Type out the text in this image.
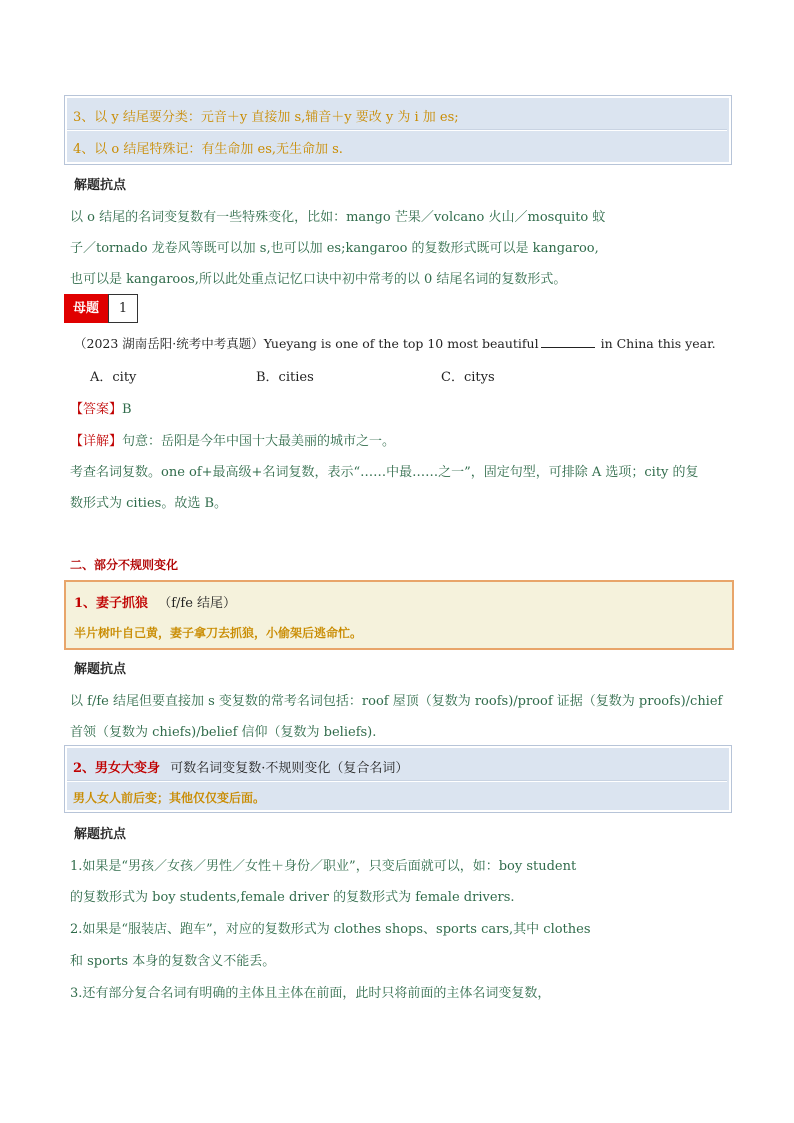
3、以 y 结尾要分类：元音＋y 直接加 s,辅音＋y 要改 y 为 i 加 es;
4、以 o 结尾特殊记：有生命加 es,无生命加 s.
解题抗点
以 o 结尾的名词变复数有一些特殊变化，比如：mango 芒果／volcano 火山／mosquito 蚊
子／tornado 龙卷风等既可以加 s,也可以加 es;kangaroo 的复数形式既可以是 kangaroo,
也可以是 kangaroos,所以此处重点记忆口诀中初中常考的以 0 结尾名词的复数形式。
母题	1
（2023 湖南岳阳·统考中考真题）Yueyang is one of the top 10 most beautiful	in China this year.
A．city	B．cities	C．citys
【答案】B
【详解】句意：岳阳是今年中国十大最美丽的城市之一。
考查名词复数。one of+最高级+名词复数，表示“……中最……之一”，固定句型，可排除 A 选项；city 的复
数形式为 cities。故选 B。
二、部分不规则变化
1、妻子抓狼 （f/fe 结尾）
半片树叶自己黄，妻子拿刀去抓狼，小偷架后逃命忙。
解题抗点
以 f/fe 结尾但要直接加 s 变复数的常考名词包括：roof 屋顶（复数为 roofs)/proof 证据（复数为 proofs)/chief
首领（复数为 chiefs)/belief 信仰（复数为 beliefs).
2、男女大变身 可数名词变复数·不规则变化（复合名词）
男人女人前后变；其他仅仅变后面。
解题抗点
1.如果是“男孩／女孩／男性／女性＋身份／职业”，只变后面就可以，如：boy student
的复数形式为 boy students,female driver 的复数形式为 female drivers.
2.如果是“服装店、跑车”，对应的复数形式为 clothes shops、sports cars,其中 clothes
和 sports 本身的复数含义不能丢。
3.还有部分复合名词有明确的主体且主体在前面，此时只将前面的主体名词变复数，
